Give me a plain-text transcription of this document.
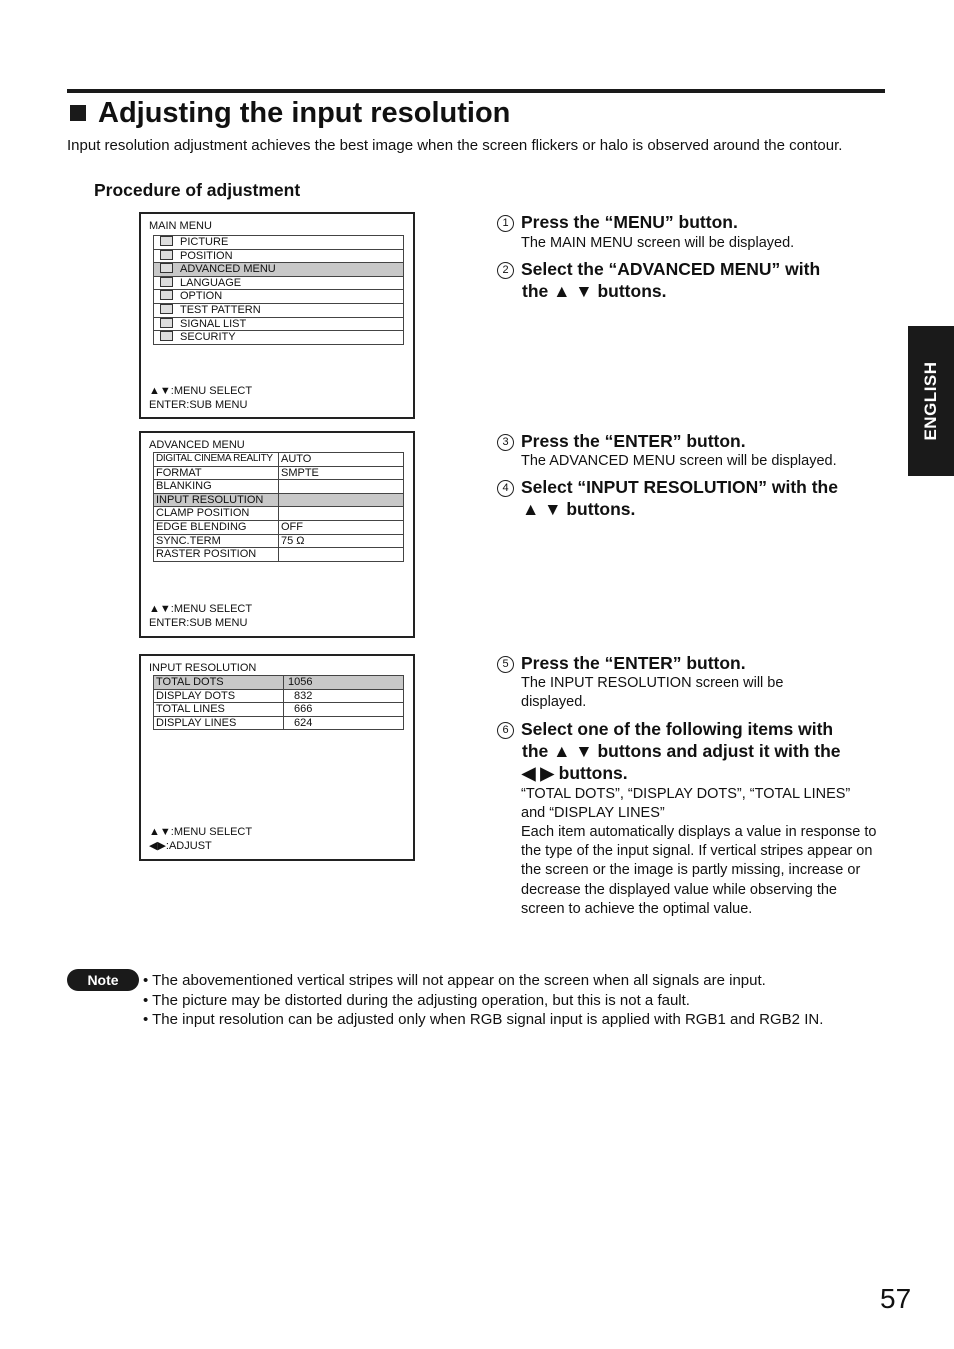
Adjusting the input resolution
Input resolution adjustment achieves the best image when the screen flickers or halo is observed around the contour.
Procedure of adjustment
ENGLISH
MAIN MENU
PICTURE
POSITION
ADVANCED MENU
LANGUAGE
OPTION
TEST PATTERN
SIGNAL LIST
SECURITY
▲▼:MENU SELECT
ENTER:SUB MENU
ADVANCED MENU
DIGITAL CINEMA REALITY	AUTO
FORMAT	SMPTE
BLANKING	
INPUT RESOLUTION	
CLAMP POSITION	
EDGE BLENDING	OFF
SYNC.TERM	75 Ω
RASTER POSITION	
▲▼:MENU SELECT
ENTER:SUB MENU
INPUT RESOLUTION
TOTAL DOTS	1056
DISPLAY DOTS	832
TOTAL LINES	666
DISPLAY LINES	624
▲▼:MENU SELECT
◀▶:ADJUST
1 Press the “MENU” button.
The MAIN MENU screen will be displayed.
2 Select the “ADVANCED MENU” with
the ▲ ▼ buttons.
3 Press the “ENTER” button.
The ADVANCED MENU screen will be displayed.
4 Select “INPUT RESOLUTION” with the
▲ ▼ buttons.
5 Press the “ENTER” button.
The INPUT RESOLUTION screen will be displayed.
6 Select one of the following items with
the ▲ ▼ buttons and adjust it with the
◀ ▶ buttons.
“TOTAL DOTS”, “DISPLAY DOTS”, “TOTAL LINES” and “DISPLAY LINES”
Each item automatically displays a value in response to the type of the input signal. If vertical stripes appear on the screen or the image is partly missing, increase or decrease the displayed value while observing the screen to achieve the optimal value.
Note	• The abovementioned vertical stripes will not appear on the screen when all signals are input.
• The picture may be distorted during the adjusting operation, but this is not a fault.
• The input resolution can be adjusted only when RGB signal input is applied with RGB1 and RGB2 IN.
57
